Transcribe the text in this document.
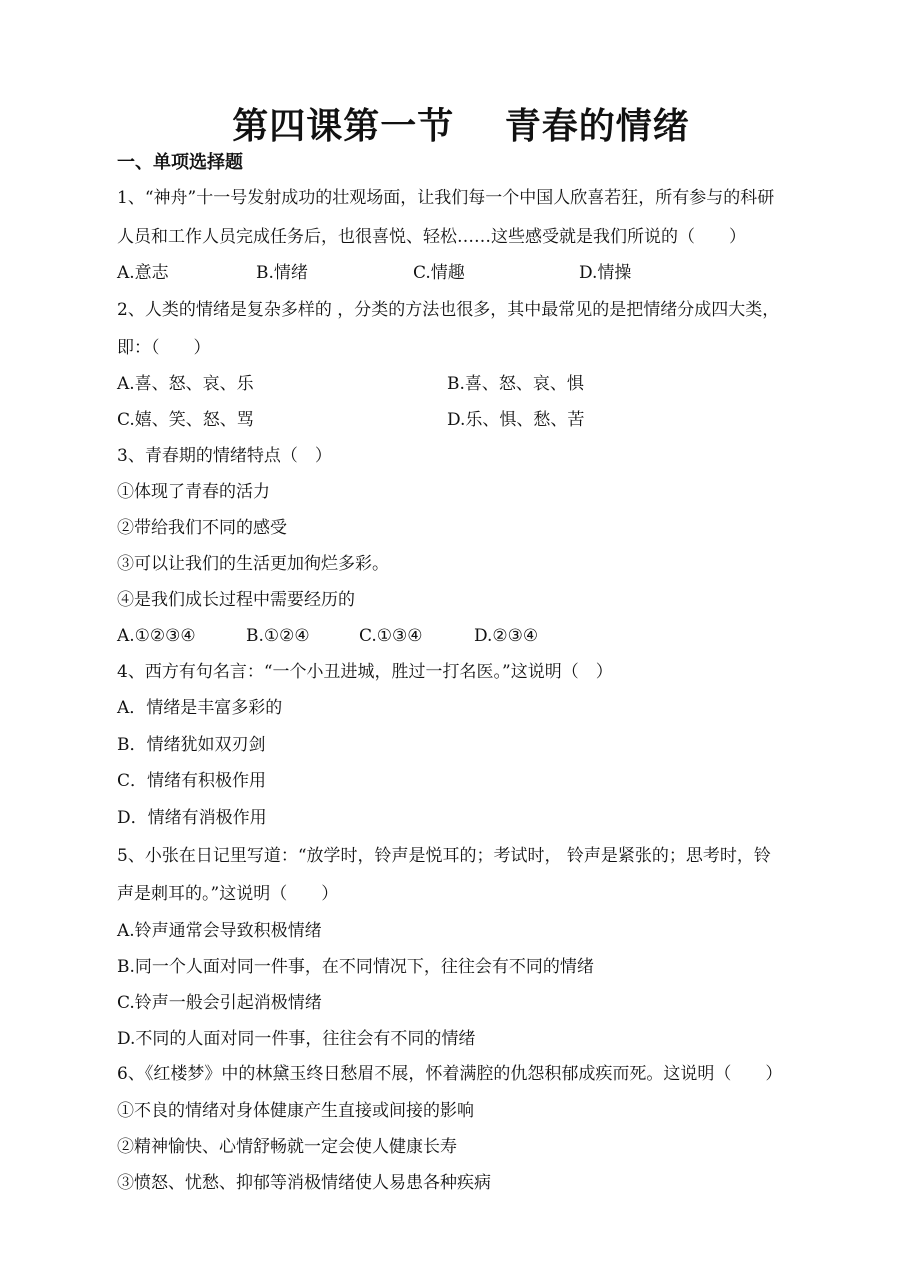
第四课第一节　 青春的情绪
一、单项选择题
1、“神舟”十一号发射成功的壮观场面，让我们每一个中国人欣喜若狂，所有参与的科研
人员和工作人员完成任务后，也很喜悦、轻松……这些感受就是我们所说的（　　）
A.意志	B.情绪	C.情趣	D.情操
2、人类的情绪是复杂多样的 ，分类的方法也很多，其中最常见的是把情绪分成四大类，
即：（　　）
A.喜、怒、哀、乐	B.喜、怒、哀、惧
C.嬉、笑、怒、骂	D.乐、惧、愁、苦
3、青春期的情绪特点（　）
①体现了青春的活力
②带给我们不同的感受
③可以让我们的生活更加徇烂多彩。
④是我们成长过程中需要经历的
A.①②③④	B.①②④	C.①③④	D.②③④
4、西方有句名言：“一个小丑进城，胜过一打名医。”这说明（　）
A．情绪是丰富多彩的
B．情绪犹如双刃剑
C．情绪有积极作用
D．情绪有消极作用
5、小张在日记里写道：“放学时，铃声是悦耳的；考试时， 铃声是紧张的；思考时，铃
声是刺耳的。”这说明（　　）
A.铃声通常会导致积极情绪
B.同一个人面对同一件事，在不同情况下，往往会有不同的情绪
C.铃声一般会引起消极情绪
D.不同的人面对同一件事，往往会有不同的情绪
6、《红楼梦》中的林黛玉终日愁眉不展，怀着满腔的仇怨积郁成疾而死。这说明（　　）
①不良的情绪对身体健康产生直接或间接的影响
②精神愉快、心情舒畅就一定会使人健康长寿
③愤怒、忧愁、抑郁等消极情绪使人易患各种疾病
